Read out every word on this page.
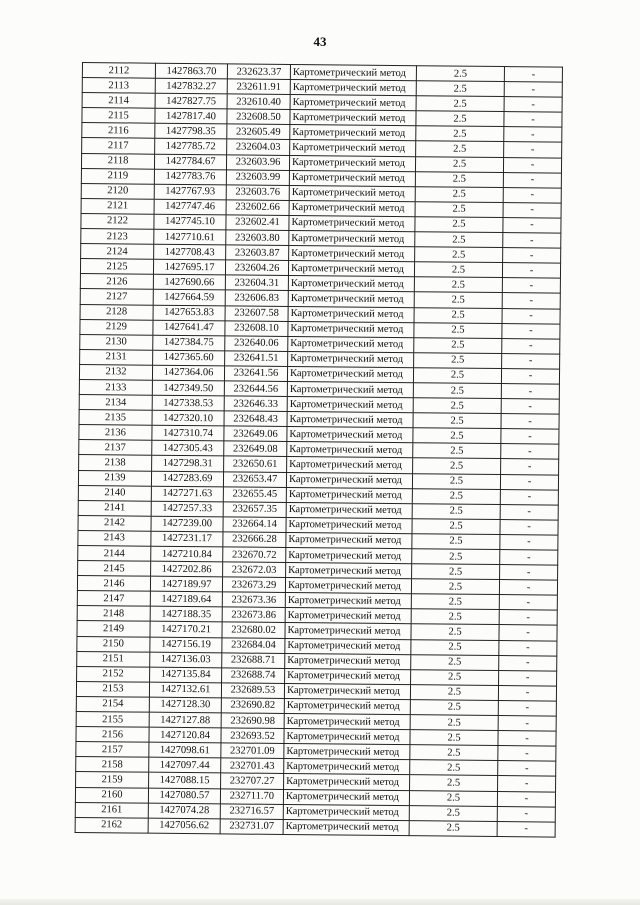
43
2112	1427863.70	232623.37	Картометрический метод	2.5	-
2113	1427832.27	232611.91	Картометрический метод	2.5	-
2114	1427827.75	232610.40	Картометрический метод	2.5	-
2115	1427817.40	232608.50	Картометрический метод	2.5	-
2116	1427798.35	232605.49	Картометрический метод	2.5	-
2117	1427785.72	232604.03	Картометрический метод	2.5	-
2118	1427784.67	232603.96	Картометрический метод	2.5	-
2119	1427783.76	232603.99	Картометрический метод	2.5	-
2120	1427767.93	232603.76	Картометрический метод	2.5	-
2121	1427747.46	232602.66	Картометрический метод	2.5	-
2122	1427745.10	232602.41	Картометрический метод	2.5	-
2123	1427710.61	232603.80	Картометрический метод	2.5	-
2124	1427708.43	232603.87	Картометрический метод	2.5	-
2125	1427695.17	232604.26	Картометрический метод	2.5	-
2126	1427690.66	232604.31	Картометрический метод	2.5	-
2127	1427664.59	232606.83	Картометрический метод	2.5	-
2128	1427653.83	232607.58	Картометрический метод	2.5	-
2129	1427641.47	232608.10	Картометрический метод	2.5	-
2130	1427384.75	232640.06	Картометрический метод	2.5	-
2131	1427365.60	232641.51	Картометрический метод	2.5	-
2132	1427364.06	232641.56	Картометрический метод	2.5	-
2133	1427349.50	232644.56	Картометрический метод	2.5	-
2134	1427338.53	232646.33	Картометрический метод	2.5	-
2135	1427320.10	232648.43	Картометрический метод	2.5	-
2136	1427310.74	232649.06	Картометрический метод	2.5	-
2137	1427305.43	232649.08	Картометрический метод	2.5	-
2138	1427298.31	232650.61	Картометрический метод	2.5	-
2139	1427283.69	232653.47	Картометрический метод	2.5	-
2140	1427271.63	232655.45	Картометрический метод	2.5	-
2141	1427257.33	232657.35	Картометрический метод	2.5	-
2142	1427239.00	232664.14	Картометрический метод	2.5	-
2143	1427231.17	232666.28	Картометрический метод	2.5	-
2144	1427210.84	232670.72	Картометрический метод	2.5	-
2145	1427202.86	232672.03	Картометрический метод	2.5	-
2146	1427189.97	232673.29	Картометрический метод	2.5	-
2147	1427189.64	232673.36	Картометрический метод	2.5	-
2148	1427188.35	232673.86	Картометрический метод	2.5	-
2149	1427170.21	232680.02	Картометрический метод	2.5	-
2150	1427156.19	232684.04	Картометрический метод	2.5	-
2151	1427136.03	232688.71	Картометрический метод	2.5	-
2152	1427135.84	232688.74	Картометрический метод	2.5	-
2153	1427132.61	232689.53	Картометрический метод	2.5	-
2154	1427128.30	232690.82	Картометрический метод	2.5	-
2155	1427127.88	232690.98	Картометрический метод	2.5	-
2156	1427120.84	232693.52	Картометрический метод	2.5	-
2157	1427098.61	232701.09	Картометрический метод	2.5	-
2158	1427097.44	232701.43	Картометрический метод	2.5	-
2159	1427088.15	232707.27	Картометрический метод	2.5	-
2160	1427080.57	232711.70	Картометрический метод	2.5	-
2161	1427074.28	232716.57	Картометрический метод	2.5	-
2162	1427056.62	232731.07	Картометрический метод	2.5	-
